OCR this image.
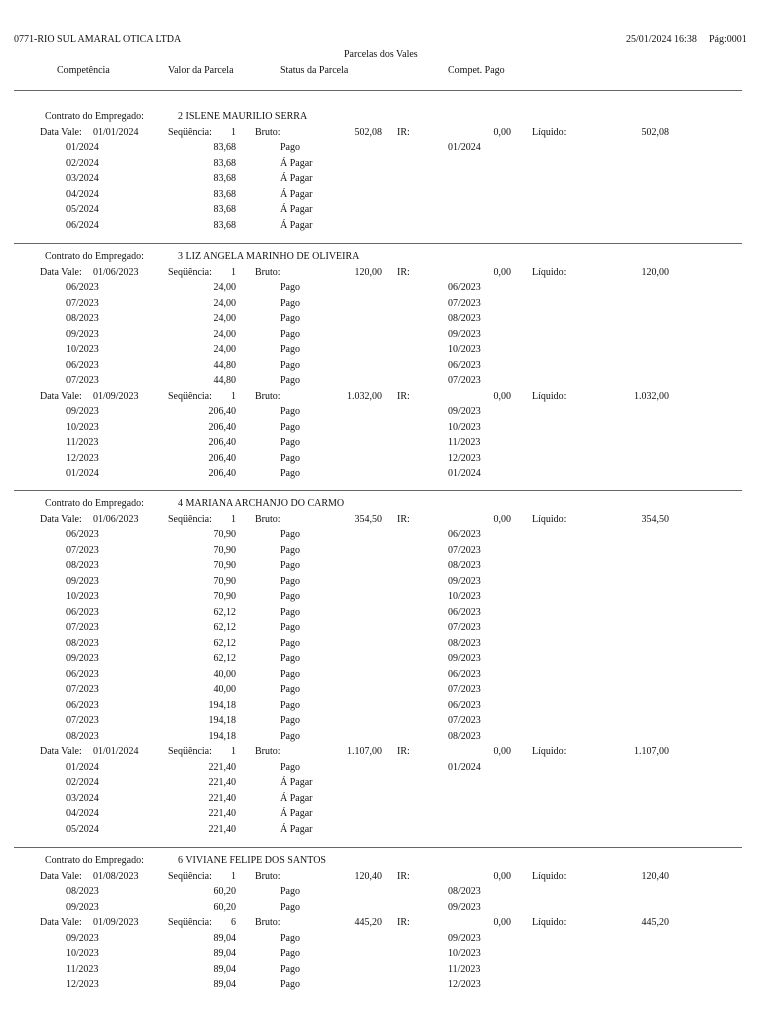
0771-RIO SUL AMARAL OTICA LTDA	25/01/2024 16:38 Pág:0001
Parcelas dos Vales
Competência	Valor da Parcela	Status da Parcela	Compet. Pago
Contrato do Empregado:	2 ISLENE MAURILIO SERRA
Data Vale: 01/01/2024	Seqüência:	1 Bruto:	502,08 IR:	0,00 Líquido:	502,08
01/2024	83,68	Pago	01/2024
02/2024	83,68	Á Pagar
03/2024	83,68	Á Pagar
04/2024	83,68	Á Pagar
05/2024	83,68	Á Pagar
06/2024	83,68	Á Pagar
Contrato do Empregado:	3 LIZ ANGELA MARINHO DE OLIVEIRA
Data Vale: 01/06/2023	Seqüência:	1 Bruto:	120,00 IR:	0,00 Líquido:	120,00
06/2023	24,00	Pago	06/2023
07/2023	24,00	Pago	07/2023
08/2023	24,00	Pago	08/2023
09/2023	24,00	Pago	09/2023
10/2023	24,00	Pago	10/2023
06/2023	44,80	Pago	06/2023
07/2023	44,80	Pago	07/2023
Data Vale: 01/09/2023	Seqüência:	1 Bruto:	1.032,00 IR:	0,00 Líquido:	1.032,00
09/2023	206,40	Pago	09/2023
10/2023	206,40	Pago	10/2023
11/2023	206,40	Pago	11/2023
12/2023	206,40	Pago	12/2023
01/2024	206,40	Pago	01/2024
Contrato do Empregado:	4 MARIANA ARCHANJO DO CARMO
Data Vale: 01/06/2023	Seqüência:	1 Bruto:	354,50 IR:	0,00 Líquido:	354,50
06/2023	70,90	Pago	06/2023
07/2023	70,90	Pago	07/2023
08/2023	70,90	Pago	08/2023
09/2023	70,90	Pago	09/2023
10/2023	70,90	Pago	10/2023
06/2023	62,12	Pago	06/2023
07/2023	62,12	Pago	07/2023
08/2023	62,12	Pago	08/2023
09/2023	62,12	Pago	09/2023
06/2023	40,00	Pago	06/2023
07/2023	40,00	Pago	07/2023
06/2023	194,18	Pago	06/2023
07/2023	194,18	Pago	07/2023
08/2023	194,18	Pago	08/2023
Data Vale: 01/01/2024	Seqüência:	1 Bruto:	1.107,00 IR:	0,00 Líquido:	1.107,00
01/2024	221,40	Pago	01/2024
02/2024	221,40	Á Pagar
03/2024	221,40	Á Pagar
04/2024	221,40	Á Pagar
05/2024	221,40	Á Pagar
Contrato do Empregado:	6 VIVIANE FELIPE DOS SANTOS
Data Vale: 01/08/2023	Seqüência:	1 Bruto:	120,40 IR:	0,00 Líquido:	120,40
08/2023	60,20	Pago	08/2023
09/2023	60,20	Pago	09/2023
Data Vale: 01/09/2023	Seqüência:	6 Bruto:	445,20 IR:	0,00 Líquido:	445,20
09/2023	89,04	Pago	09/2023
10/2023	89,04	Pago	10/2023
11/2023	89,04	Pago	11/2023
12/2023	89,04	Pago	12/2023
